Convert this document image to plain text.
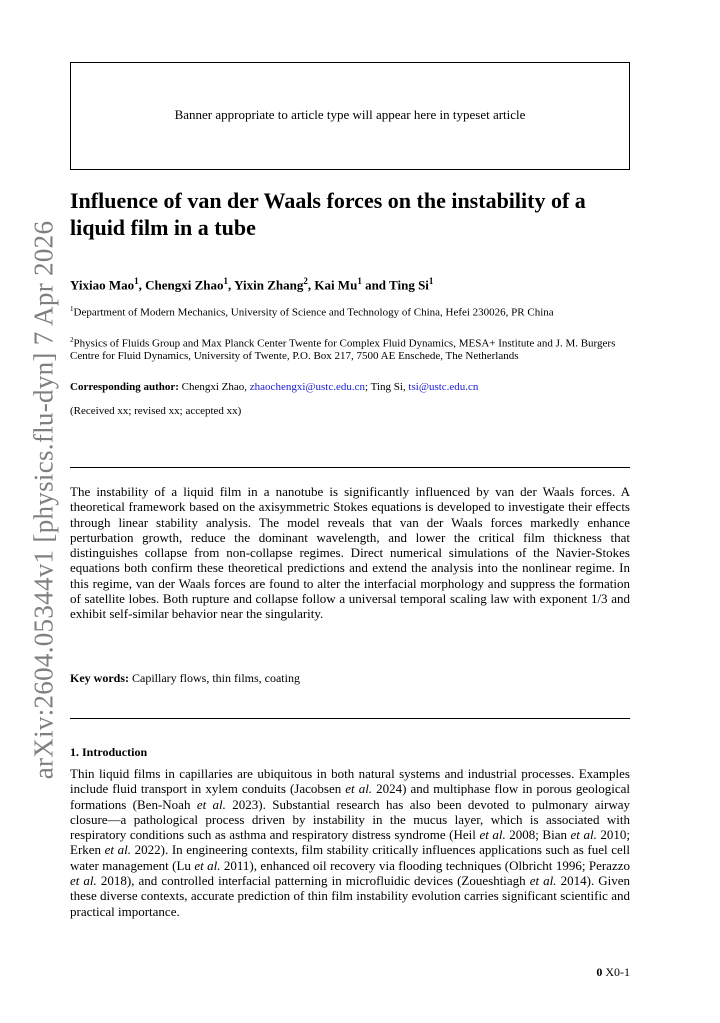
arXiv:2604.05344v1 [physics.flu-dyn] 7 Apr 2026
Banner appropriate to article type will appear here in typeset article
Influence of van der Waals forces on the instability of a liquid film in a tube
Yixiao Mao$^1$, Chengxi Zhao$^1$, Yixin Zhang$^2$, Kai Mu$^1$ and Ting Si$^1$
$^1$Department of Modern Mechanics, University of Science and Technology of China, Hefei 230026, PR China
$^2$Physics of Fluids Group and Max Planck Center Twente for Complex Fluid Dynamics, MESA+ Institute and J. M. Burgers Centre for Fluid Dynamics, University of Twente, P.O. Box 217, 7500 AE Enschede, The Netherlands
Corresponding author: Chengxi Zhao, zhaochengxi@ustc.edu.cn; Ting Si, tsi@ustc.edu.cn
(Received xx; revised xx; accepted xx)
The instability of a liquid film in a nanotube is significantly influenced by van der Waals forces. A theoretical framework based on the axisymmetric Stokes equations is developed to investigate their effects through linear stability analysis. The model reveals that van der Waals forces markedly enhance perturbation growth, reduce the dominant wavelength, and lower the critical film thickness that distinguishes collapse from non-collapse regimes. Direct numerical simulations of the Navier-Stokes equations both confirm these theoretical predictions and extend the analysis into the nonlinear regime. In this regime, van der Waals forces are found to alter the interfacial morphology and suppress the formation of satellite lobes. Both rupture and collapse follow a universal temporal scaling law with exponent 1/3 and exhibit self-similar behavior near the singularity.
Key words: Capillary flows, thin films, coating
1. Introduction
Thin liquid films in capillaries are ubiquitous in both natural systems and industrial processes. Examples include fluid transport in xylem conduits (Jacobsen et al. 2024) and multiphase flow in porous geological formations (Ben-Noah et al. 2023). Substantial research has also been devoted to pulmonary airway closure—a pathological process driven by instability in the mucus layer, which is associated with respiratory conditions such as asthma and respiratory distress syndrome (Heil et al. 2008; Bian et al. 2010; Erken et al. 2022). In engineering contexts, film stability critically influences applications such as fuel cell water management (Lu et al. 2011), enhanced oil recovery via flooding techniques (Olbricht 1996; Perazzo et al. 2018), and controlled interfacial patterning in microfluidic devices (Zoueshtiagh et al. 2014). Given these diverse contexts, accurate prediction of thin film instability evolution carries significant scientific and practical importance.
0 X0-1
